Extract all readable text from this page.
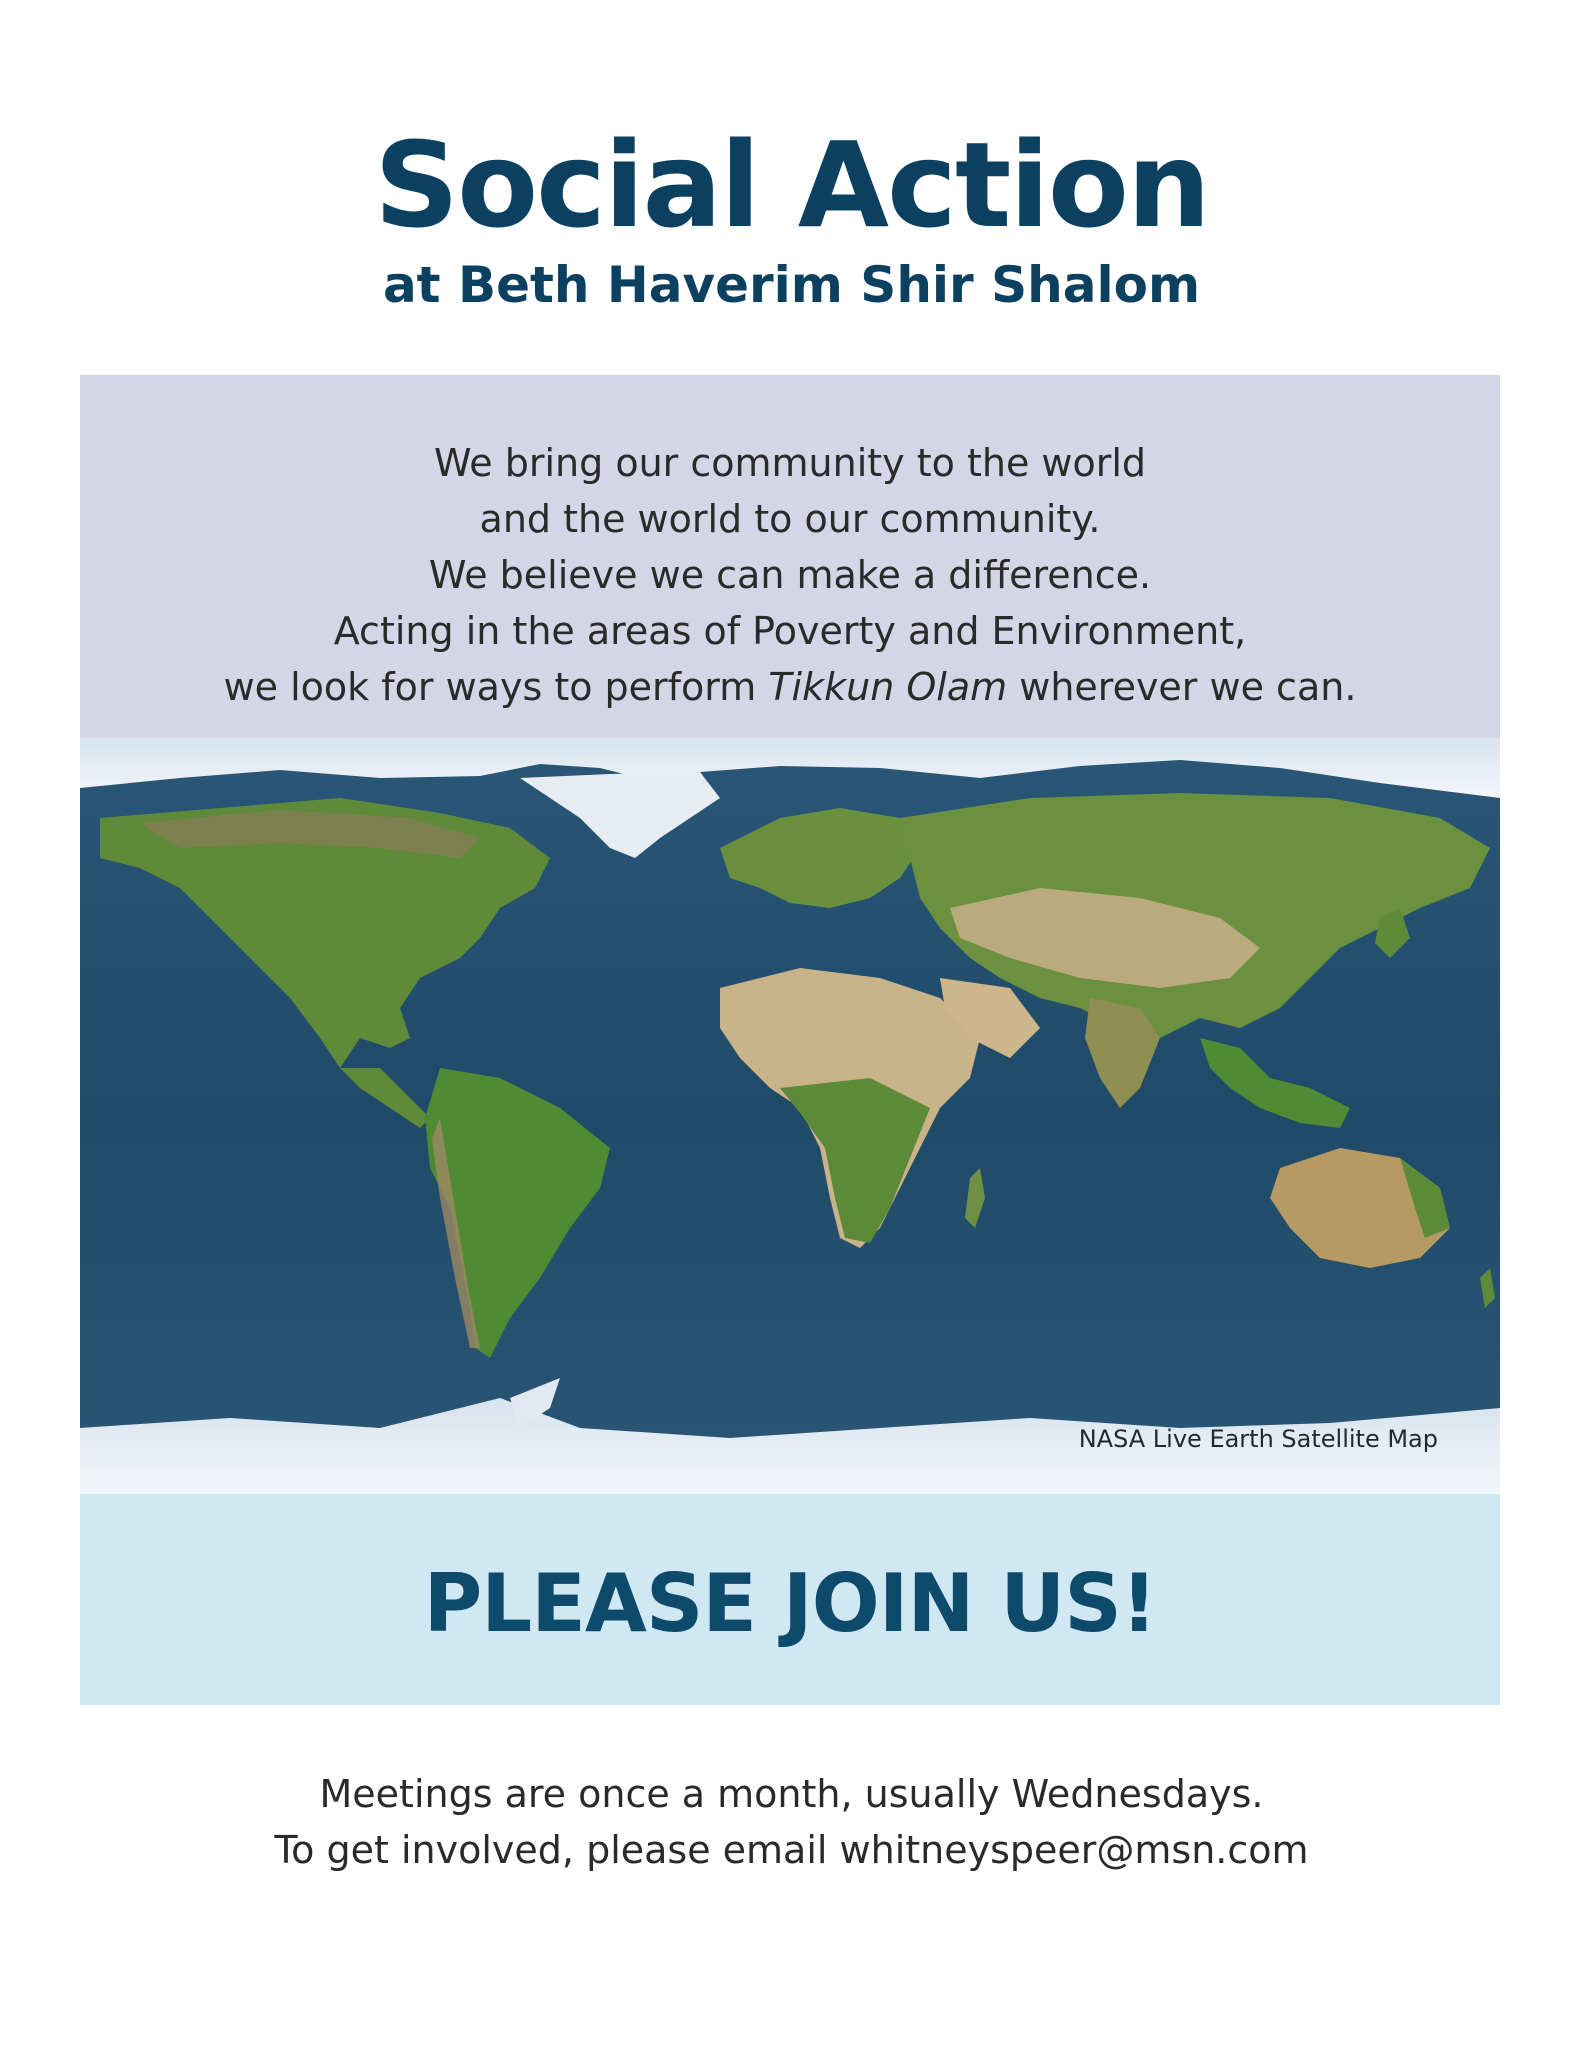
Social Action
at Beth Haverim Shir Shalom
We bring our community to the world
and the world to our community.
We believe we can make a difference.
Acting in the areas of Poverty and Environment,
we look for ways to perform Tikkun Olam wherever we can.
NASA Live Earth Satellite Map
PLEASE JOIN US!
Meetings are once a month, usually Wednesdays.
To get involved, please email whitneyspeer@msn.com
